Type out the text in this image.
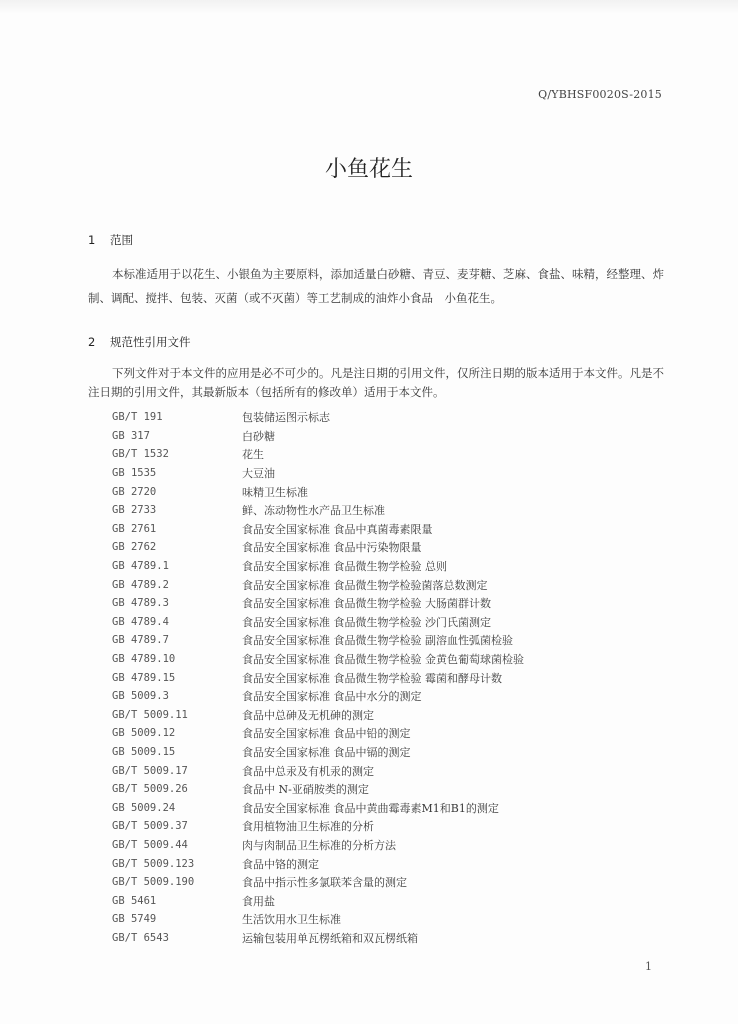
Q/YBHSF0020S-2015
小鱼花生
1 范围

本标准适用于以花生、小银鱼为主要原料，添加适量白砂糖、青豆、麦芽糖、芝麻、食盐、味精，经整理、炸制、调配、搅拌、包装、灭菌（或不灭菌）等工艺制成的油炸小食品　小鱼花生。

2 规范性引用文件

下列文件对于本文件的应用是必不可少的。凡是注日期的引用文件，仅所注日期的版本适用于本文件。凡是不注日期的引用文件，其最新版本（包括所有的修改单）适用于本文件。

GB/T 191	包装储运图示标志
GB 317	白砂糖
GB/T 1532	花生
GB 1535	大豆油
GB 2720	味精卫生标准
GB 2733	鲜、冻动物性水产品卫生标准
GB 2761	食品安全国家标准 食品中真菌毒素限量
GB 2762	食品安全国家标准 食品中污染物限量
GB 4789.1	食品安全国家标准 食品微生物学检验 总则
GB 4789.2	食品安全国家标准 食品微生物学检验菌落总数测定
GB 4789.3	食品安全国家标准 食品微生物学检验 大肠菌群计数
GB 4789.4	食品安全国家标准 食品微生物学检验 沙门氏菌测定
GB 4789.7	食品安全国家标准 食品微生物学检验 副溶血性弧菌检验
GB 4789.10	食品安全国家标准 食品微生物学检验 金黄色葡萄球菌检验
GB 4789.15	食品安全国家标准 食品微生物学检验 霉菌和酵母计数
GB 5009.3	食品安全国家标准 食品中水分的测定
GB/T 5009.11	食品中总砷及无机砷的测定
GB 5009.12	食品安全国家标准 食品中铅的测定
GB 5009.15	食品安全国家标准 食品中镉的测定
GB/T 5009.17	食品中总汞及有机汞的测定
GB/T 5009.26	食品中 N-亚硝胺类的测定
GB 5009.24	食品安全国家标准 食品中黄曲霉毒素M1和B1的测定
GB/T 5009.37	食用植物油卫生标准的分析
GB/T 5009.44	肉与肉制品卫生标准的分析方法
GB/T 5009.123	食品中铬的测定
GB/T 5009.190	食品中指示性多氯联苯含量的测定
GB 5461	食用盐
GB 5749	生活饮用水卫生标准
GB/T 6543	运输包装用单瓦楞纸箱和双瓦楞纸箱
1
